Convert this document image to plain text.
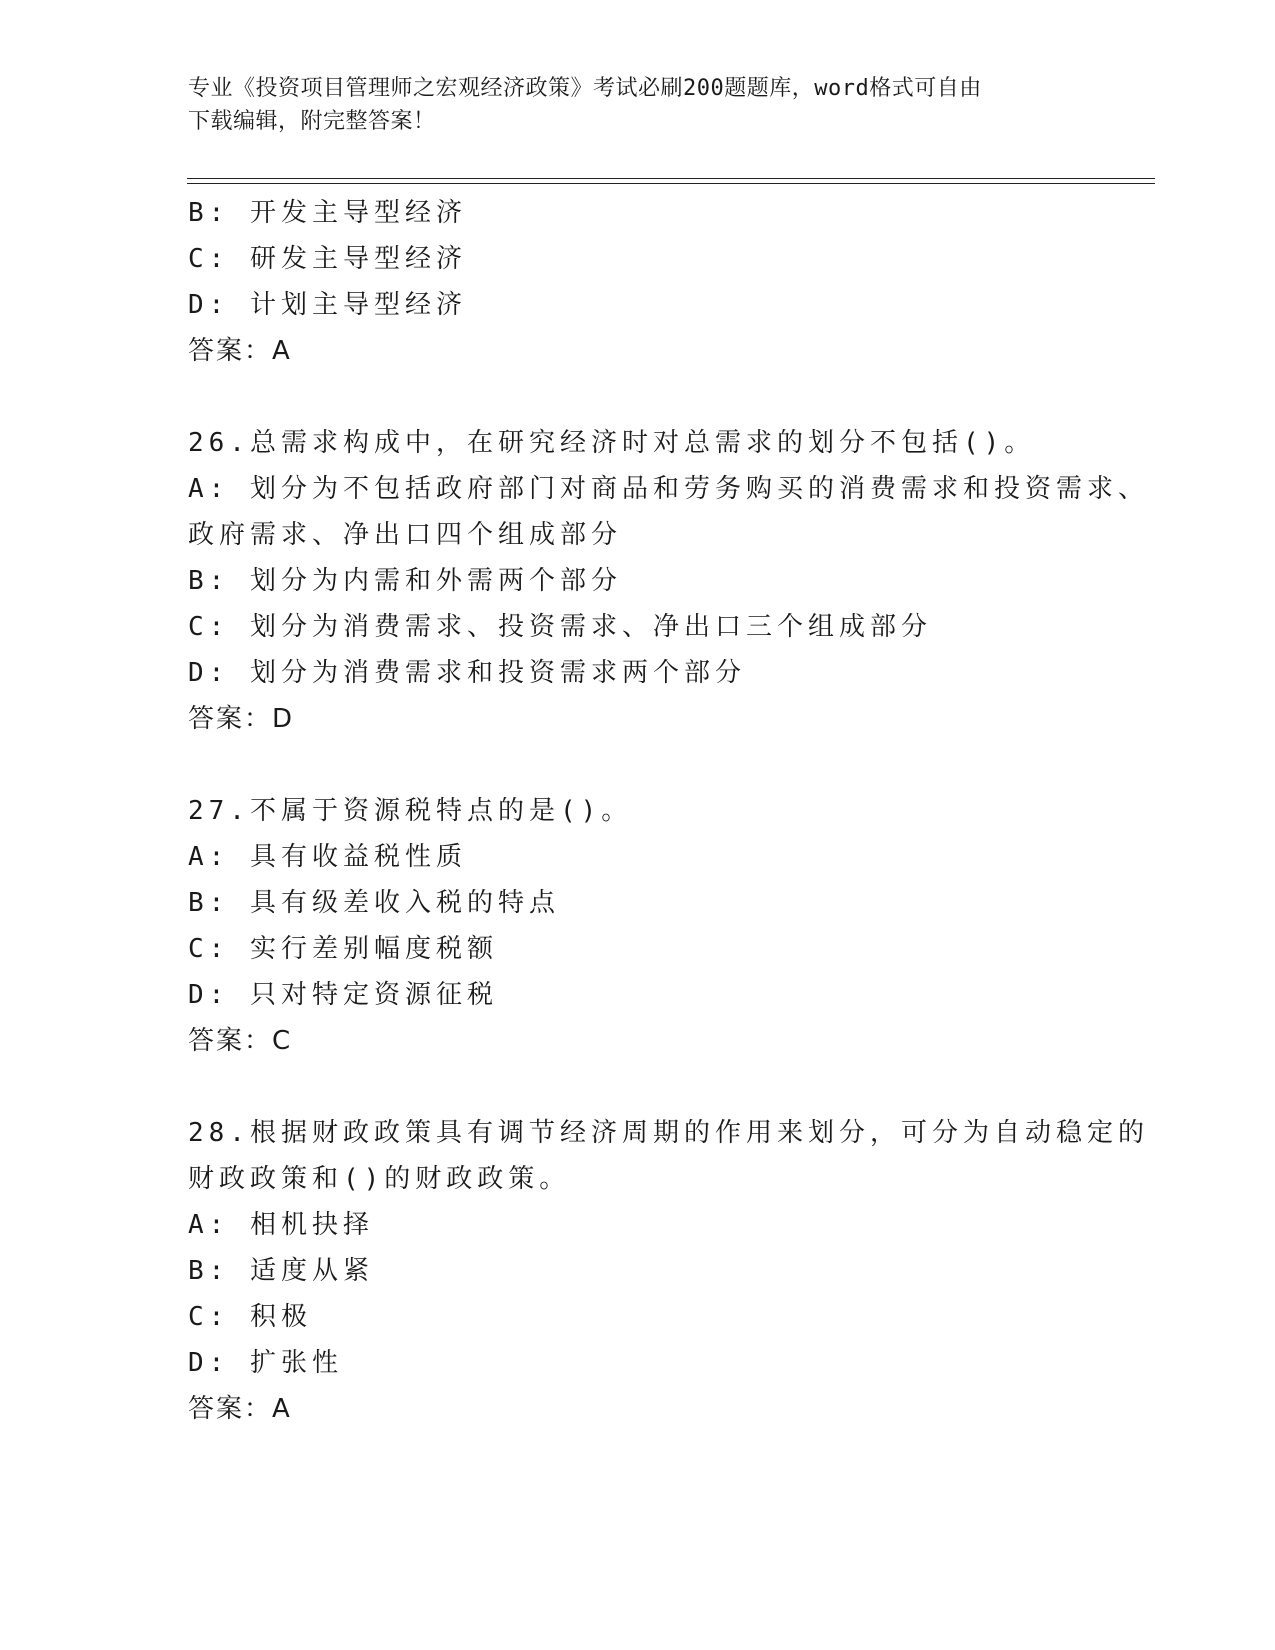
专业《投资项目管理师之宏观经济政策》考试必刷200题题库，word格式可自由
下载编辑，附完整答案！
B: 开发主导型经济
C: 研发主导型经济
D: 计划主导型经济
答案：A
26.总需求构成中，在研究经济时对总需求的划分不包括()。
A: 划分为不包括政府部门对商品和劳务购买的消费需求和投资需求、
政府需求、净出口四个组成部分
B: 划分为内需和外需两个部分
C: 划分为消费需求、投资需求、净出口三个组成部分
D: 划分为消费需求和投资需求两个部分
答案：D
27.不属于资源税特点的是()。
A: 具有收益税性质
B: 具有级差收入税的特点
C: 实行差别幅度税额
D: 只对特定资源征税
答案：C
28.根据财政政策具有调节经济周期的作用来划分，可分为自动稳定的
财政政策和()的财政政策。
A: 相机抉择
B: 适度从紧
C: 积极
D: 扩张性
答案：A
